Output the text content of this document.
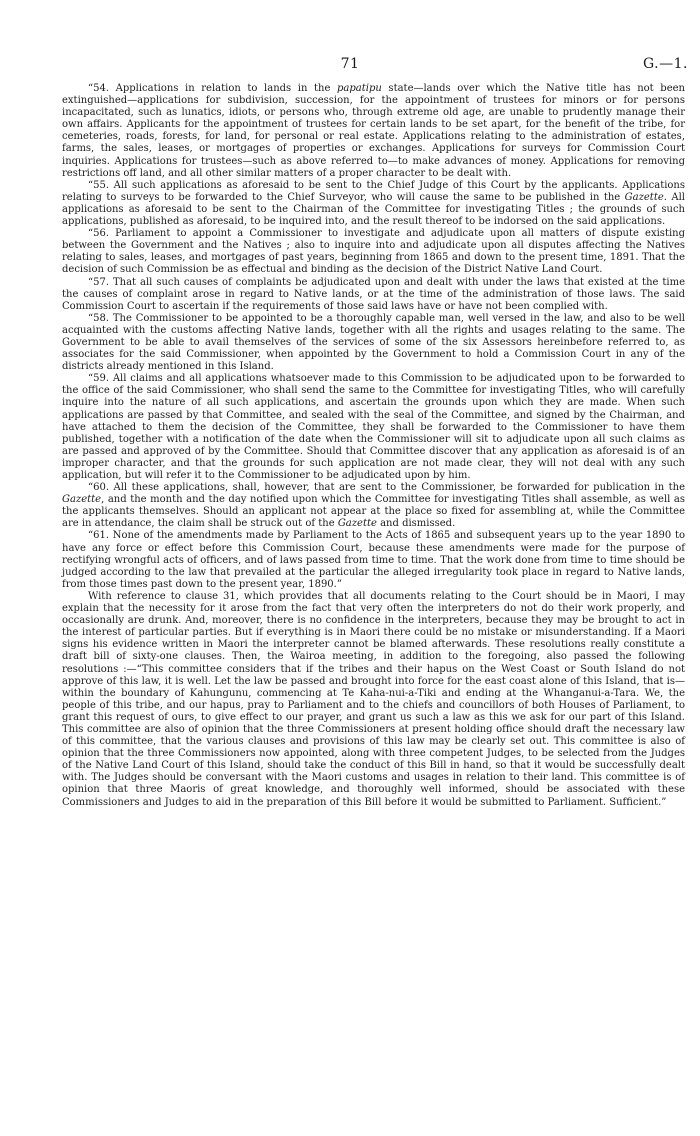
71	G.—1.

“54. Applications in relation to lands in the papatipu state—lands over which the Native title has not been extinguished—applications for subdivision, succession, for the appointment of trustees for minors or for persons incapacitated, such as lunatics, idiots, or persons who, through extreme old age, are unable to prudently manage their own affairs. Applicants for the appointment of trustees for certain lands to be set apart, for the beneﬁt of the tribe, for cemeteries, roads, forests, for land, for personal or real estate. Applications relating to the administration of estates, farms, the sales, leases, or mortgages of properties or exchanges. Applications for surveys for Commission Court inquiries. Applications for trustees—such as above referred to—to make advances of money. Applications for removing restrictions off land, and all other similar matters of a proper character to be dealt with.

“55. All such applications as aforesaid to be sent to the Chief Judge of this Court by the applicants. Applications relating to surveys to be forwarded to the Chief Surveyor, who will cause the same to be published in the Gazette. All applications as aforesaid to be sent to the Chairman of the Committee for investigating Titles ; the grounds of such applications, published as aforesaid, to be inquired into, and the result thereof to be indorsed on the said applications.

“56. Parliament to appoint a Commissioner to investigate and adjudicate upon all matters of dispute existing between the Government and the Natives ; also to inquire into and adjudicate upon all disputes affecting the Natives relating to sales, leases, and mortgages of past years, beginning from 1865 and down to the present time, 1891. That the decision of such Commission be as effectual and binding as the decision of the District Native Land Court.

“57. That all such causes of complaints be adjudicated upon and dealt with under the laws that existed at the time the causes of complaint arose in regard to Native lands, or at the time of the administration of those laws. The said Commission Court to ascertain if the requirements of those said laws have or have not been complied with.

“58. The Commissioner to be appointed to be a thoroughly capable man, well versed in the law, and also to be well acquainted with the customs affecting Native lands, together with all the rights and usages relating to the same. The Government to be able to avail themselves of the services of some of the six Assessors hereinbefore referred to, as associates for the said Commissioner, when appointed by the Government to hold a Commission Court in any of the districts already mentioned in this Island.

“59. All claims and all applications whatsoever made to this Commission to be adjudicated upon to be forwarded to the office of the said Commissioner, who shall send the same to the Committee for investigating Titles, who will carefully inquire into the nature of all such applications, and ascertain the grounds upon which they are made. When such applications are passed by that Committee, and sealed with the seal of the Committee, and signed by the Chairman, and have attached to them the decision of the Committee, they shall be forwarded to the Commissioner to have them published, together with a notiﬁcation of the date when the Commissioner will sit to adjudicate upon all such claims as are passed and approved of by the Committee. Should that Committee discover that any application as aforesaid is of an improper character, and that the grounds for such application are not made clear, they will not deal with any such application, but will refer it to the Commissioner to be adjudicated upon by him.

“60. All these applications, shall, however, that are sent to the Commissioner, be forwarded for publication in the Gazette, and the month and the day notiﬁed upon which the Committee for investigating Titles shall assemble, as well as the applicants themselves. Should an applicant not appear at the place so ﬁxed for assembling at, while the Committee are in attendance, the claim shall be struck out of the Gazette and dismissed.

“61. None of the amendments made by Parliament to the Acts of 1865 and subsequent years up to the year 1890 to have any force or effect before this Commission Court, because these amendments were made for the purpose of rectifying wrongful acts of ofﬁcers, and of laws passed from time to time. That the work done from time to time should be judged according to the law that prevailed at the particular the alleged irregularity took place in regard to Native lands, from those times past down to the present year, 1890.”

With reference to clause 31, which provides that all documents relating to the Court should be in Maori, I may explain that the necessity for it arose from the fact that very often the interpreters do not do their work properly, and occasionally are drunk. And, moreover, there is no conﬁdence in the interpreters, because they may be brought to act in the interest of particular parties. But if everything is in Maori there could be no mistake or misunderstanding. If a Maori signs his evidence written in Maori the interpreter cannot be blamed afterwards. These resolutions really constitute a draft bill of sixty-one clauses. Then, the Wairoa meeting, in addition to the foregoing, also passed the following resolutions :—“This committee considers that if the tribes and their hapus on the West Coast or South Island do not approve of this law, it is well. Let the law be passed and brought into force for the east coast alone of this Island, that is—within the boundary of Kahungunu, commencing at Te Kaha-nui-a-Tiki and ending at the Whanganui-a-Tara. We, the people of this tribe, and our hapus, pray to Parliament and to the chiefs and councillors of both Houses of Parliament, to grant this request of ours, to give effect to our prayer, and grant us such a law as this we ask for our part of this Island. This committee are also of opinion that the three Commissioners at present holding ofﬁce should draft the necessary law of this committee, that the various clauses and provisions of this law may be clearly set out. This committee is also of opinion that the three Commissioners now appointed, along with three competent Judges, to be selected from the Judges of the Native Land Court of this Island, should take the conduct of this Bill in hand, so that it would be successfully dealt with. The Judges should be conversant with the Maori customs and usages in relation to their land. This committee is of opinion that three Maoris of great knowledge, and thoroughly well informed, should be associated with these Commissioners and Judges to aid in the preparation of this Bill before it would be submitted to Parliament. Sufﬁcient.”
